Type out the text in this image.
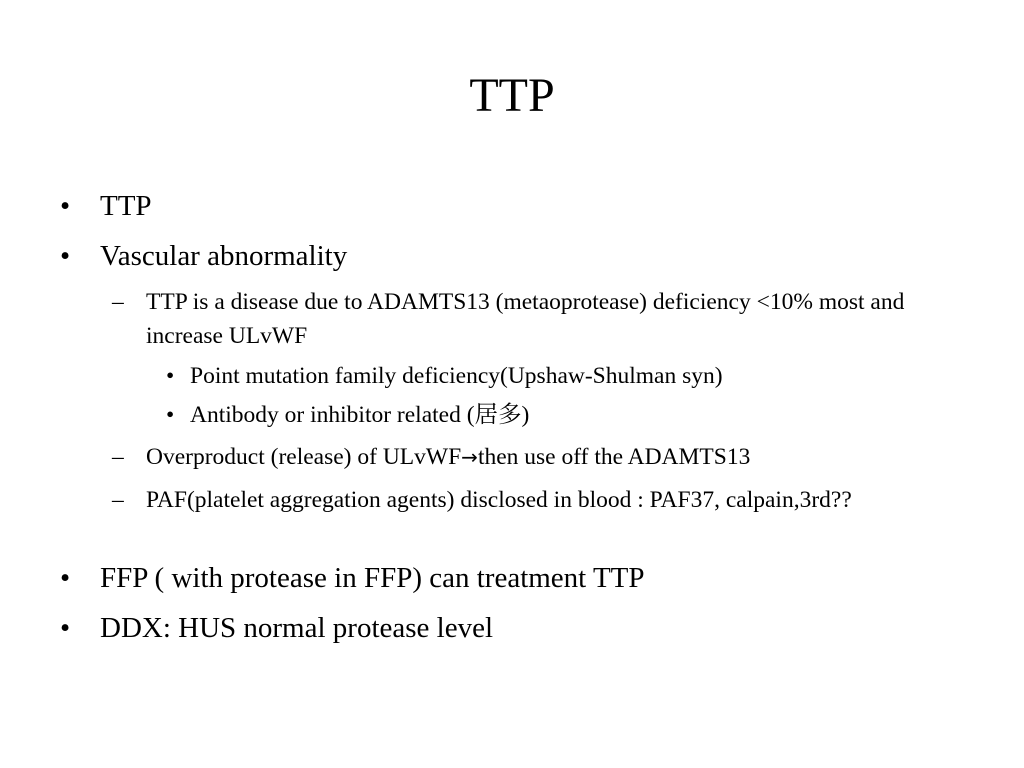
TTP
• TTP
• Vascular abnormality
– TTP is a disease due to ADAMTS13 (metaoprotease) deficiency <10% most and increase ULvWF
• Point mutation family deficiency(Upshaw-Shulman syn)
• Antibody or inhibitor related (居多)
– Overproduct (release) of ULvWF→then use off the ADAMTS13
– PAF(platelet aggregation agents) disclosed in blood : PAF37, calpain,3rd??
• FFP ( with protease in FFP) can treatment TTP
• DDX: HUS normal protease level
